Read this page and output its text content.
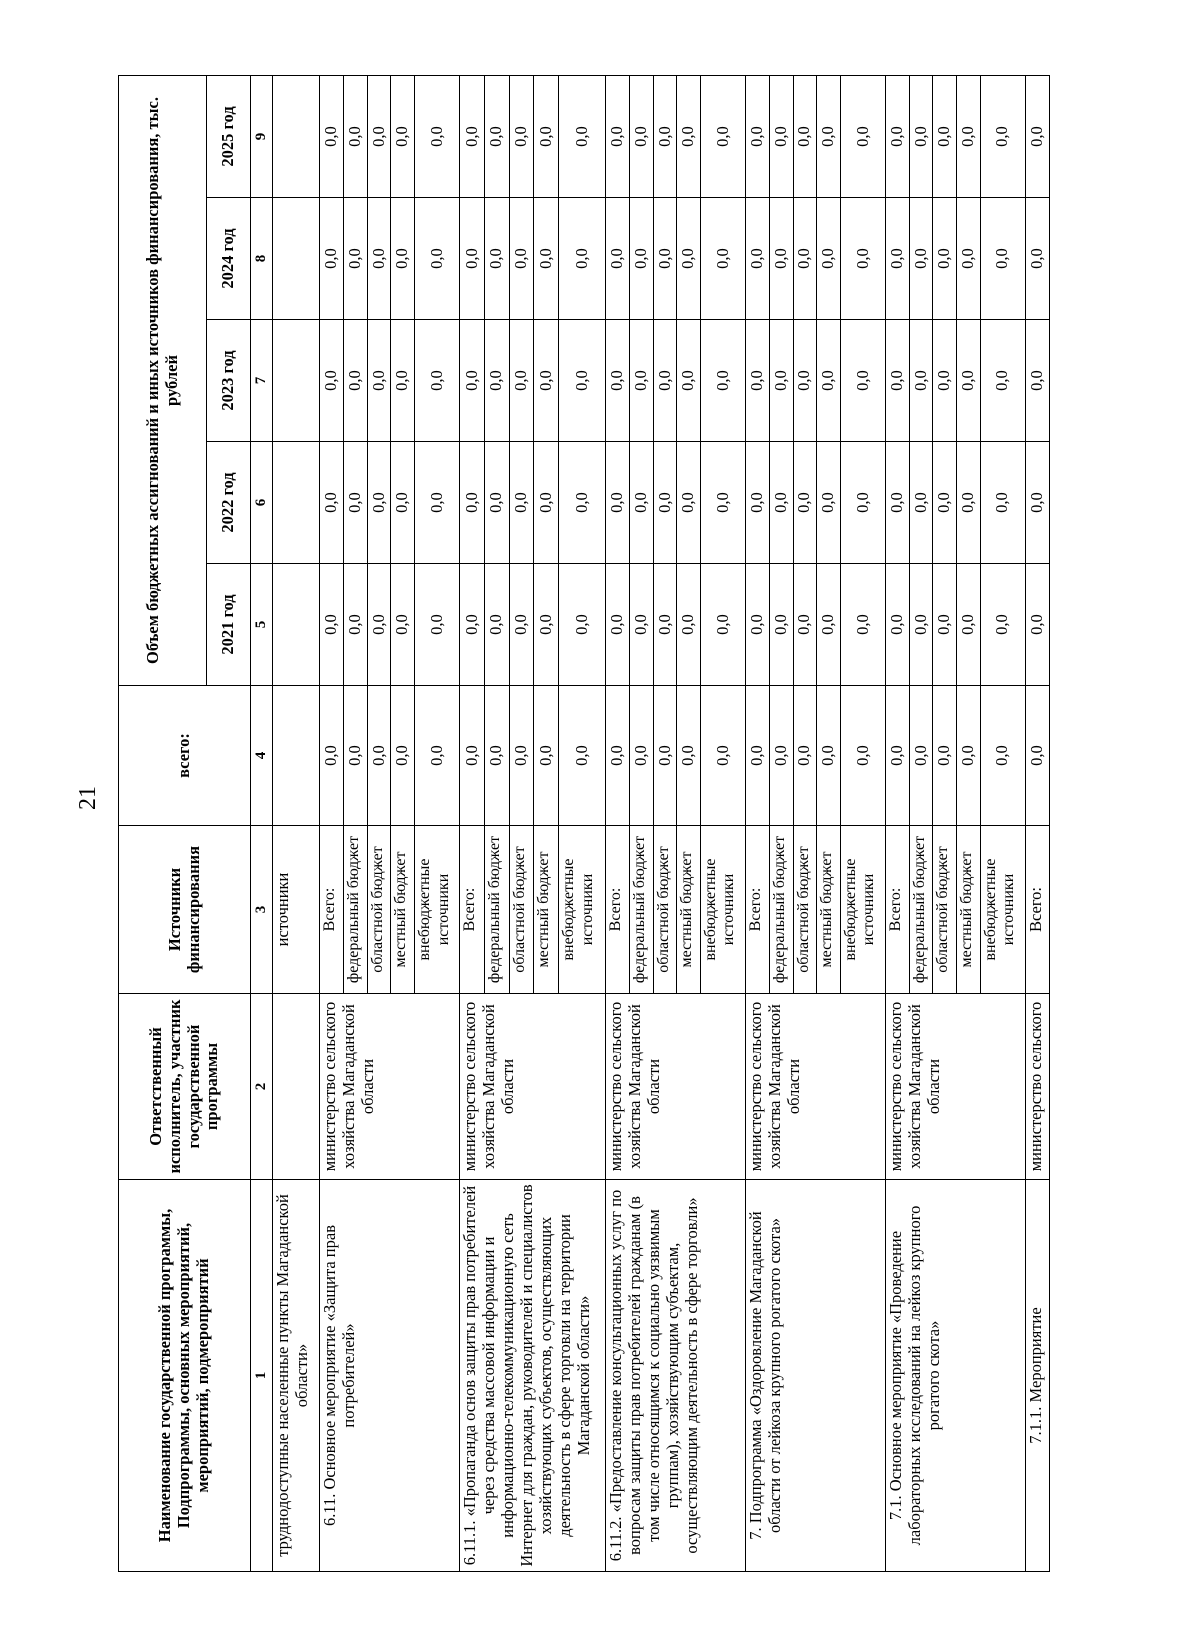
21
Наименование государственной программы, Подпрограммы, основных мероприятий, мероприятий, подмероприятий	Ответственный исполнитель, участник государственной программы	Источники финансирования	всего:	Объем бюджетных ассигнований и иных источников финансирования, тыс. рублей				
				2021 год	2022 год	2023 год	2024 год	2025 год
1	2	3	4	5	6	7	8	9
труднодоступные населенные пункты Магаданской области»		источники						
6.11. Основное мероприятие «Защита прав потребителей»	министерство сельского хозяйства Магаданской области	Всего:	0,0	0,0	0,0	0,0	0,0	0,0
		федеральный бюджет	0,0	0,0	0,0	0,0	0,0	0,0
		областной бюджет	0,0	0,0	0,0	0,0	0,0	0,0
		местный бюджет	0,0	0,0	0,0	0,0	0,0	0,0
		внебюджетные источники	0,0	0,0	0,0	0,0	0,0	0,0
6.11.1. «Пропаганда основ защиты прав потребителей через средства массовой информации и информационно-телекоммуникационную сеть Интернет для граждан, руководителей и специалистов хозяйствующих субъектов, осуществляющих деятельность в сфере торговли на территории Магаданской области»	министерство сельского хозяйства Магаданской области	Всего:	0,0	0,0	0,0	0,0	0,0	0,0
		федеральный бюджет	0,0	0,0	0,0	0,0	0,0	0,0
		областной бюджет	0,0	0,0	0,0	0,0	0,0	0,0
		местный бюджет	0,0	0,0	0,0	0,0	0,0	0,0
		внебюджетные источники	0,0	0,0	0,0	0,0	0,0	0,0
6.11.2. «Предоставление консультационных услуг по вопросам защиты прав потребителей гражданам (в том числе относящимся к социально уязвимым группам), хозяйствующим субъектам, осуществляющим деятельность в сфере торговли»	министерство сельского хозяйства Магаданской области	Всего:	0,0	0,0	0,0	0,0	0,0	0,0
		федеральный бюджет	0,0	0,0	0,0	0,0	0,0	0,0
		областной бюджет	0,0	0,0	0,0	0,0	0,0	0,0
		местный бюджет	0,0	0,0	0,0	0,0	0,0	0,0
		внебюджетные источники	0,0	0,0	0,0	0,0	0,0	0,0
7. Подпрограмма «Оздоровление Магаданской области от лейкоза крупного рогатого скота»	министерство сельского хозяйства Магаданской области	Всего:	0,0	0,0	0,0	0,0	0,0	0,0
		федеральный бюджет	0,0	0,0	0,0	0,0	0,0	0,0
		областной бюджет	0,0	0,0	0,0	0,0	0,0	0,0
		местный бюджет	0,0	0,0	0,0	0,0	0,0	0,0
		внебюджетные источники	0,0	0,0	0,0	0,0	0,0	0,0
7.1. Основное мероприятие «Проведение лабораторных исследований на лейкоз крупного рогатого скота»	министерство сельского хозяйства Магаданской области	Всего:	0,0	0,0	0,0	0,0	0,0	0,0
		федеральный бюджет	0,0	0,0	0,0	0,0	0,0	0,0
		областной бюджет	0,0	0,0	0,0	0,0	0,0	0,0
		местный бюджет	0,0	0,0	0,0	0,0	0,0	0,0
		внебюджетные источники	0,0	0,0	0,0	0,0	0,0	0,0
7.1.1. Мероприятие	министерство сельского	Всего:	0,0	0,0	0,0	0,0	0,0	0,0
